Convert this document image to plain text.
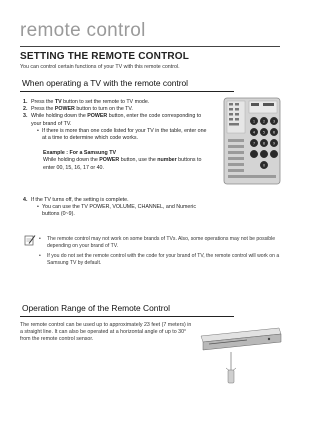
remote control
SETTING THE REMOTE CONTROL
You can control certain functions of your TV with this remote control.
When operating a TV with the remote control
1. Press the TV button to set the remote to TV mode.
2. Press the POWER button to turn on the TV.
3. While holding down the POWER button, enter the code corresponding to your brand of TV.
• If there is more than one code listed for your TV in the table, enter one at a time to determine which code works.
Example : For a Samsung TV
While holding down the POWER button, use the number buttons to enter 00, 15, 16, 17 or 40.
4. If the TV turns off, the setting is complete.
• You can use the TV POWER, VOLUME, CHANNEL, and Numeric buttons (0~9).
1 2 3
4 5 6
7 8 9
0
• The remote control may not work on some brands of TVs. Also, some operations may not be possible depending on your brand of TV.
• If you do not set the remote control with the code for your brand of TV, the remote control will work on a Samsung TV by default.
Operation Range of the Remote Control
The remote control can be used up to approximately 23 feet (7 meters) in a straight line. It can also be operated at a horizontal angle of up to 30° from the remote control sensor.
